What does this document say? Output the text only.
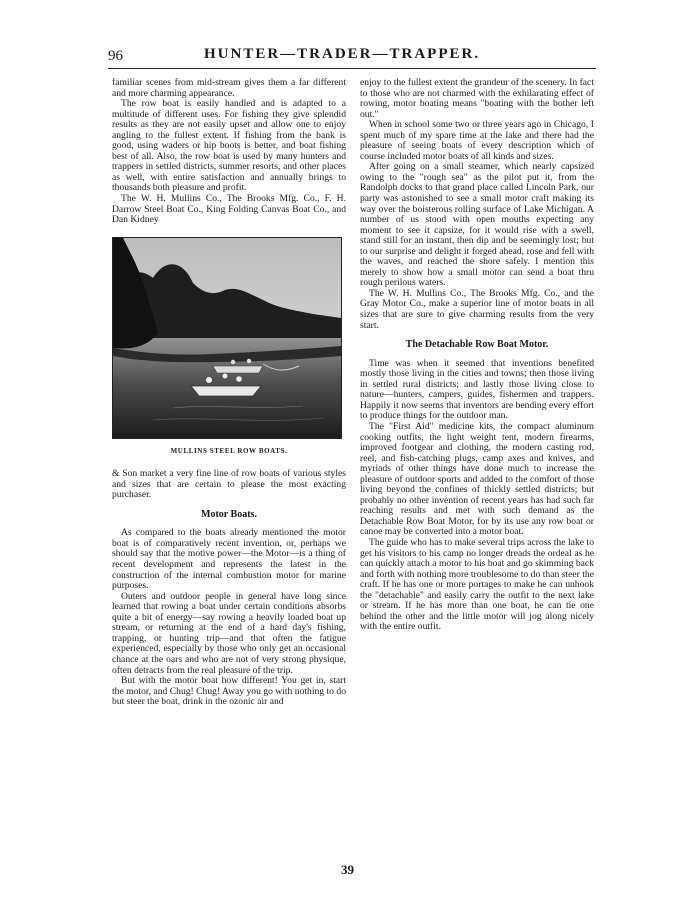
96	HUNTER—TRADER—TRAPPER.

familiar scenes from mid-stream gives them a far different and more charming appearance.

The row boat is easily handled and is adapted to a multitude of different uses. For fishing they give splendid results as they are not easily upset and allow one to enjoy angling to the fullest extent. If fishing from the bank is good, using waders or hip boots is better, and boat fishing best of all. Also, the row boat is used by many hunters and trappers in settled districts, summer resorts, and other places as well, with entire satisfaction and annually brings to thousands both pleasure and profit.

The W. H. Mullins Co., The Brooks Mfg. Co., F. H. Darrow Steel Boat Co., King Folding Canvas Boat Co., and Dan Kidney

MULLINS STEEL ROW BOATS.

& Son market a very fine line of row boats of various styles and sizes that are certain to please the most exacting purchaser.

Motor Boats.

As compared to the boats already mentioned the motor boat is of comparatively recent invention, or, perhaps we should say that the motive power—the Motor—is a thing of recent development and represents the latest in the construction of the internal combustion motor for marine purposes.

Outers and outdoor people in general have long since learned that rowing a boat under certain conditions absorbs quite a bit of energy—say rowing a heavily loaded boat up stream, or returning at the end of a hard day's fishing, trapping, or hunting trip—and that often the fatigue experienced, especially by those who only get an occasional chance at the oars and who are not of very strong physique, often detracts from the real pleasure of the trip.

But with the motor boat how different! You get in, start the motor, and Chug! Chug! Away you go with nothing to do but steer the boat, drink in the ozonic air and

enjoy to the fullest extent the grandeur of the scenery. In fact to those who are not charmed with the exhilarating effect of rowing, motor boating means "boating with the bother left out."

When in school some two or three years ago in Chicago, I spent much of my spare time at the lake and there had the pleasure of seeing boats of every description which of course included motor boats of all kinds and sizes.

After going on a small steamer, which nearly capsized owing to the "rough sea" as the pilot put it, from the Randolph docks to that grand place called Lincoln Park, our party was astonished to see a small motor craft making its way over the boisterous rolling surface of Lake Michigan. A number of us stood with open mouths expecting any moment to see it capsize, for it would rise with a swell, stand still for an instant, then dip and be seemingly lost; but to our surprise and delight it forged ahead, rose and fell with the waves, and reached the shore safely. I mention this merely to show how a small motor can send a boat thru rough perilous waters.

The W. H. Mullins Co., The Brooks Mfg. Co., and the Gray Motor Co., make a superior line of motor boats in all sizes that are sure to give charming results from the very start.

The Detachable Row Boat Motor.

Time was when it seemed that inventions benefited mostly those living in the cities and towns; then those living in settled rural districts; and lastly those living close to nature—hunters, campers, guides, fishermen and trappers. Happily it now seems that inventors are bending every effort to produce things for the outdoor man.

The "First Aid" medicine kits, the compact aluminum cooking outfits, the light weight tent, modern firearms, improved footgear and clothing, the modern casting rod, reel, and fish-catching plugs, camp axes and knives, and myriads of other things have done much to increase the pleasure of outdoor sports and added to the comfort of those living beyond the confines of thickly settled districts; but probably no other invention of recent years has had such far reaching results and met with such demand as the Detachable Row Boat Motor, for by its use any row boat or canoe may be converted into a motor boat.

The guide who has to make several trips across the lake to get his visitors to his camp no longer dreads the ordeal as he can quickly attach a motor to his boat and go skimming back and forth with nothing more troublesome to do than steer the craft. If he has one or more portages to make he can unhook the "detachable" and easily carry the outfit to the next lake or stream. If he has more than one boat, he can tie one behind the other and the little motor will jog along nicely with the entire outfit.

39
